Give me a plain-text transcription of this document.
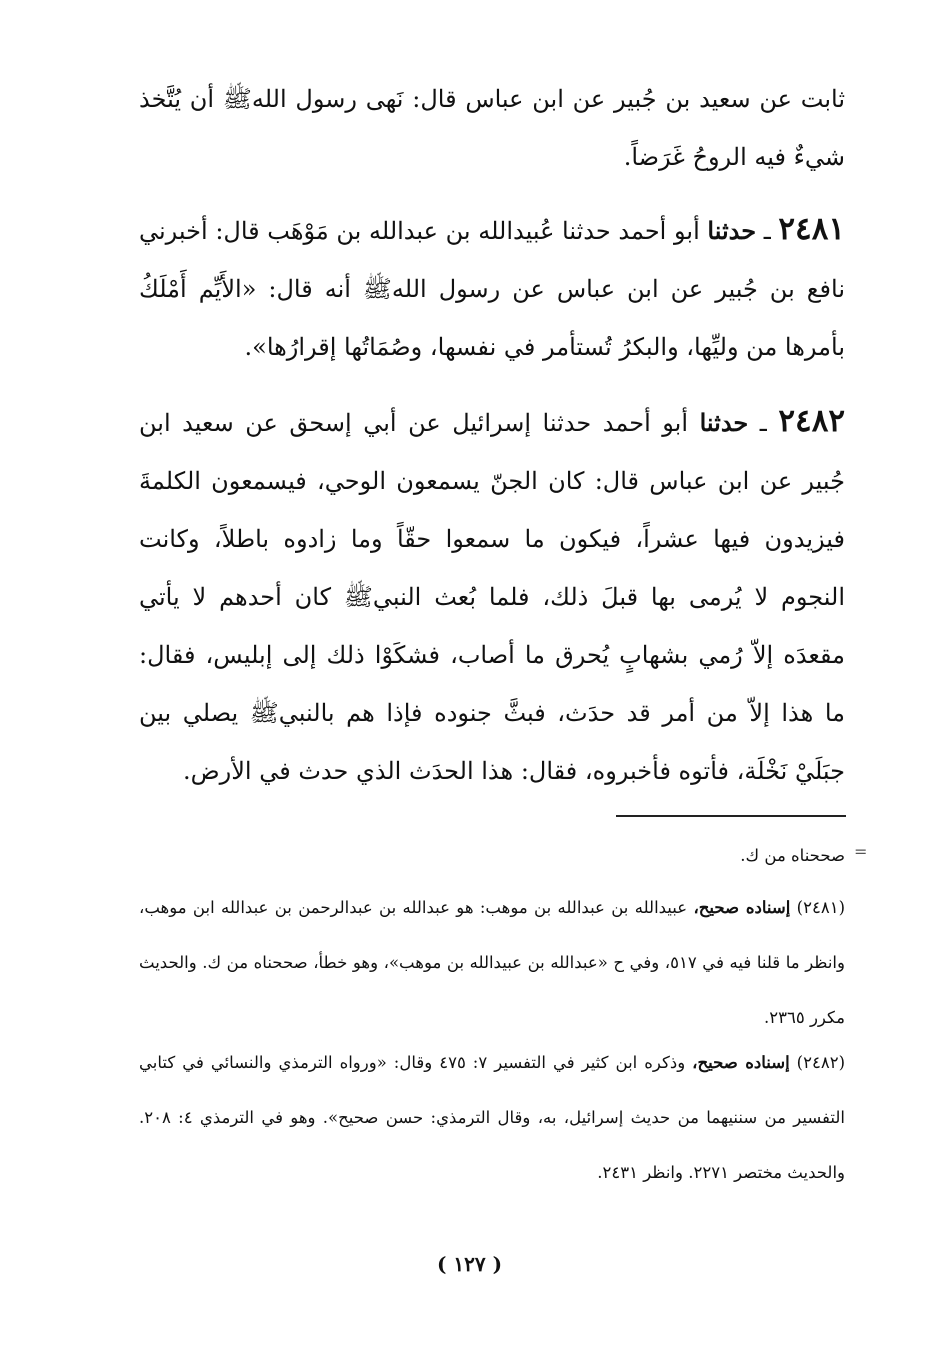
ثابت عن سعيد بن جُبير عن ابن عباس قال: نَهى رسول اللهﷺ أن يُتَّخذ شيءٌ فيه الروحُ غَرَضاً.

٢٤٨١ ـ حدثنا أبو أحمد حدثنا عُبيدالله بن عبدالله بن مَوْهَب قال: أخبرني نافع بن جُبير عن ابن عباس عن رسول اللهﷺ أنه قال: «الأَيِّم أَمْلَكُ بأمرها من وليِّها، والبكرُ تُستأمر في نفسها، وصُمَاتُها إقرارُها».

٢٤٨٢ ـ حدثنا أبو أحمد حدثنا إسرائيل عن أبي إسحق عن سعيد ابن جُبير عن ابن عباس قال: كان الجنّ يسمعون الوحي، فيسمعون الكلمةَ فيزيدون فيها عشراً، فيكون ما سمعوا حقّاً وما زادوه باطلاً، وكانت النجوم لا يُرمى بها قبلَ ذلك، فلما بُعث النبيﷺ كان أحدهم لا يأتي مقعدَه إلاّ رُمي بشهابٍ يُحرق ما أصاب، فشكَوْا ذلك إلى إبليس، فقال: ما هذا إلاّ من أمر قد حدَث، فبثَّ جنوده فإذا هم بالنبيﷺ يصلي بين جبَلَيْ نَخْلَة، فأتوه فأخبروه، فقال: هذا الحدَث الذي حدث في الأرض.

=

صححناه من ك.

(٢٤٨١) إسناده صحيح، عبيدالله بن عبدالله بن موهب: هو عبدالله بن عبدالرحمن بن عبدالله ابن موهب، وانظر ما قلنا فيه في ٥١٧، وفي ح «عبدالله بن عبيدالله بن موهب»، وهو خطأ، صححناه من ك. والحديث مكرر ٢٣٦٥.

(٢٤٨٢) إسناده صحيح، وذكره ابن كثير في التفسير ٧: ٤٧٥ وقال: «ورواه الترمذي والنسائي في كتابي التفسير من سننيهما من حديث إسرائيل، به، وقال الترمذي: حسن صحيح». وهو في الترمذي ٤: ٢٠٨. والحديث مختصر ٢٢٧١. وانظر ٢٤٣١.

( ١٢٧ )
